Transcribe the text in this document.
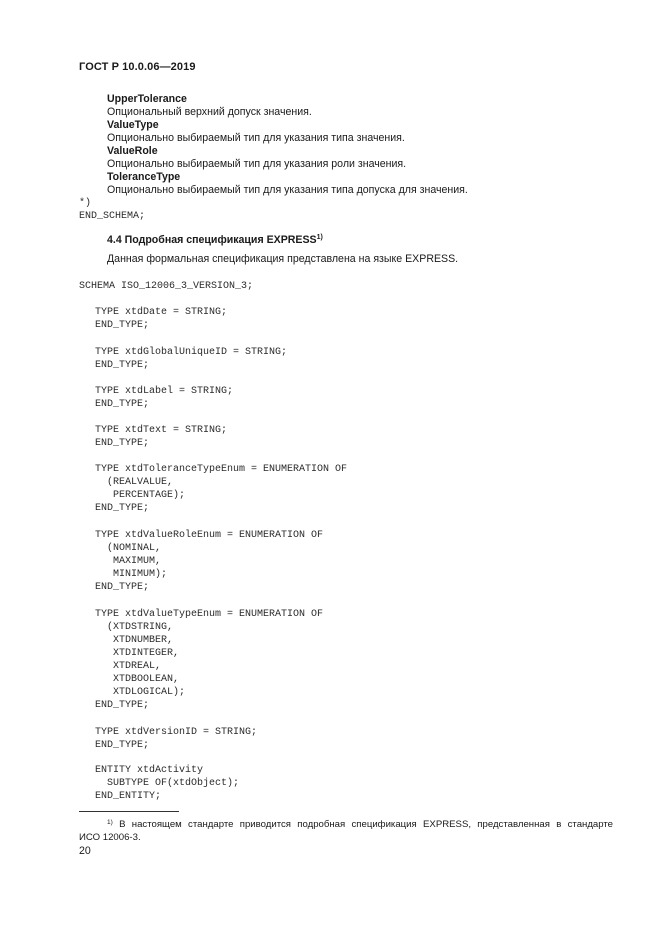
ГОСТ Р 10.0.06—2019
UpperTolerance
Опциональный верхний допуск значения.
ValueType
Опционально выбираемый тип для указания типа значения.
ValueRole
Опционально выбираемый тип для указания роли значения.
ToleranceType
Опционально выбираемый тип для указания типа допуска для значения.
*)
END_SCHEMA;
4.4 Подробная спецификация EXPRESS$^{1)}$
Данная формальная спецификация представлена на языке EXPRESS.
SCHEMA ISO_12006_3_VERSION_3;
TYPE xtdDate = STRING;
END_TYPE;
TYPE xtdGlobalUniqueID = STRING;
END_TYPE;
TYPE xtdLabel = STRING;
END_TYPE;
TYPE xtdText = STRING;
END_TYPE;
TYPE xtdToleranceTypeEnum = ENUMERATION OF
(REALVALUE,
PERCENTAGE);
END_TYPE;
TYPE xtdValueRoleEnum = ENUMERATION OF
(NOMINAL,
MAXIMUM,
MINIMUM);
END_TYPE;
TYPE xtdValueTypeEnum = ENUMERATION OF
(XTDSTRING,
XTDNUMBER,
XTDINTEGER,
XTDREAL,
XTDBOOLEAN,
XTDLOGICAL);
END_TYPE;
TYPE xtdVersionID = STRING;
END_TYPE;
ENTITY xtdActivity
SUBTYPE OF(xtdObject);
END_ENTITY;
$^{1)}$ В настоящем стандарте приводится подробная спецификация EXPRESS, представленная в стандарте
ИСО 12006-3.
20
